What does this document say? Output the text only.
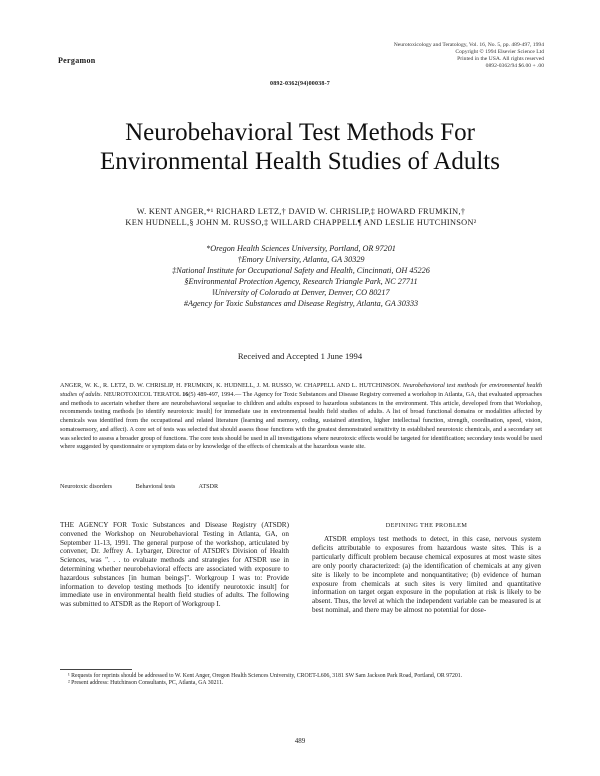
Pergamon
Neurotoxicology and Teratology, Vol. 16, No. 5, pp. 489-497, 1994
Copyright © 1994 Elsevier Science Ltd
Printed in the USA. All rights reserved
0892-0362/94 $6.00 + .00
0892-0362(94)00038-7
Neurobehavioral Test Methods For
Environmental Health Studies of Adults
W. KENT ANGER,*¹ RICHARD LETZ,† DAVID W. CHRISLIP,‡ HOWARD FRUMKIN,†
KEN HUDNELL,§ JOHN M. RUSSO,‡ WILLARD CHAPPELL¶ AND LESLIE HUTCHINSON²
*Oregon Health Sciences University, Portland, OR 97201
†Emory University, Atlanta, GA 30329
‡National Institute for Occupational Safety and Health, Cincinnati, OH 45226
§Environmental Protection Agency, Research Triangle Park, NC 27711
‖University of Colorado at Denver, Denver, CO 80217
#Agency for Toxic Substances and Disease Registry, Atlanta, GA 30333
Received and Accepted 1 June 1994
ANGER, W. K., R. LETZ, D. W. CHRISLIP, H. FRUMKIN, K. HUDNELL, J. M. RUSSO, W. CHAPPELL AND L. HUTCHINSON. Neurobehavioral test methods for environmental health studies of adults. NEUROTOXICOL TERATOL 16(5) 489-497, 1994.— The Agency for Toxic Substances and Disease Registry convened a workshop in Atlanta, GA, that evaluated approaches and methods to ascertain whether there are neurobehavioral sequelae to children and adults exposed to hazardous substances in the environment. This article, developed from that Workshop, recommends testing methods [to identify neurotoxic insult] for immediate use in environmental health field studies of adults. A list of broad functional domains or modalities affected by chemicals was identified from the occupational and related literature (learning and memory, coding, sustained attention, higher intellectual function, strength, coordination, speed, vision, somatosensory, and affect). A core set of tests was selected that should assess those functions with the greatest demonstrated sensitivity in established neurotoxic chemicals, and a secondary set was selected to assess a broader group of functions. The core tests should be used in all investigations where neurotoxic effects would be targeted for identification; secondary tests would be used where suggested by questionnaire or symptom data or by knowledge of the effects of chemicals at the hazardous waste site.
Neurotoxic disorders	Behavioral tests	ATSDR
THE AGENCY FOR Toxic Substances and Disease Registry (ATSDR) convened the Workshop on Neurobehavioral Testing in Atlanta, GA, on September 11-13, 1991. The general purpose of the workshop, articulated by convener, Dr. Jeffrey A. Lybarger, Director of ATSDR's Division of Health Sciences, was ". . . to evaluate methods and strategies for ATSDR use in determining whether neurobehavioral effects are associated with exposure to hazardous substances [in human beings]". Workgroup I was to: Provide information to develop testing methods [to identify neurotoxic insult] for immediate use in environmental health field studies of adults. The following was submitted to ATSDR as the Report of Workgroup I.
DEFINING THE PROBLEM
ATSDR employs test methods to detect, in this case, nervous system deficits attributable to exposures from hazardous waste sites. This is a particularly difficult problem because chemical exposures at most waste sites are only poorly characterized: (a) the identification of chemicals at any given site is likely to be incomplete and nonquantitative; (b) evidence of human exposure from chemicals at such sites is very limited and quantitative information on target organ exposure in the population at risk is likely to be absent. Thus, the level at which the independent variable can be measured is at best nominal, and there may be almost no potential for dose-
¹ Requests for reprints should be addressed to W. Kent Anger, Oregon Health Sciences University, CROET-L606, 3181 SW Sam Jackson Park Road, Portland, OR 97201.
² Present address: Hutchinson Consultants, PC, Atlanta, GA 30211.
489
